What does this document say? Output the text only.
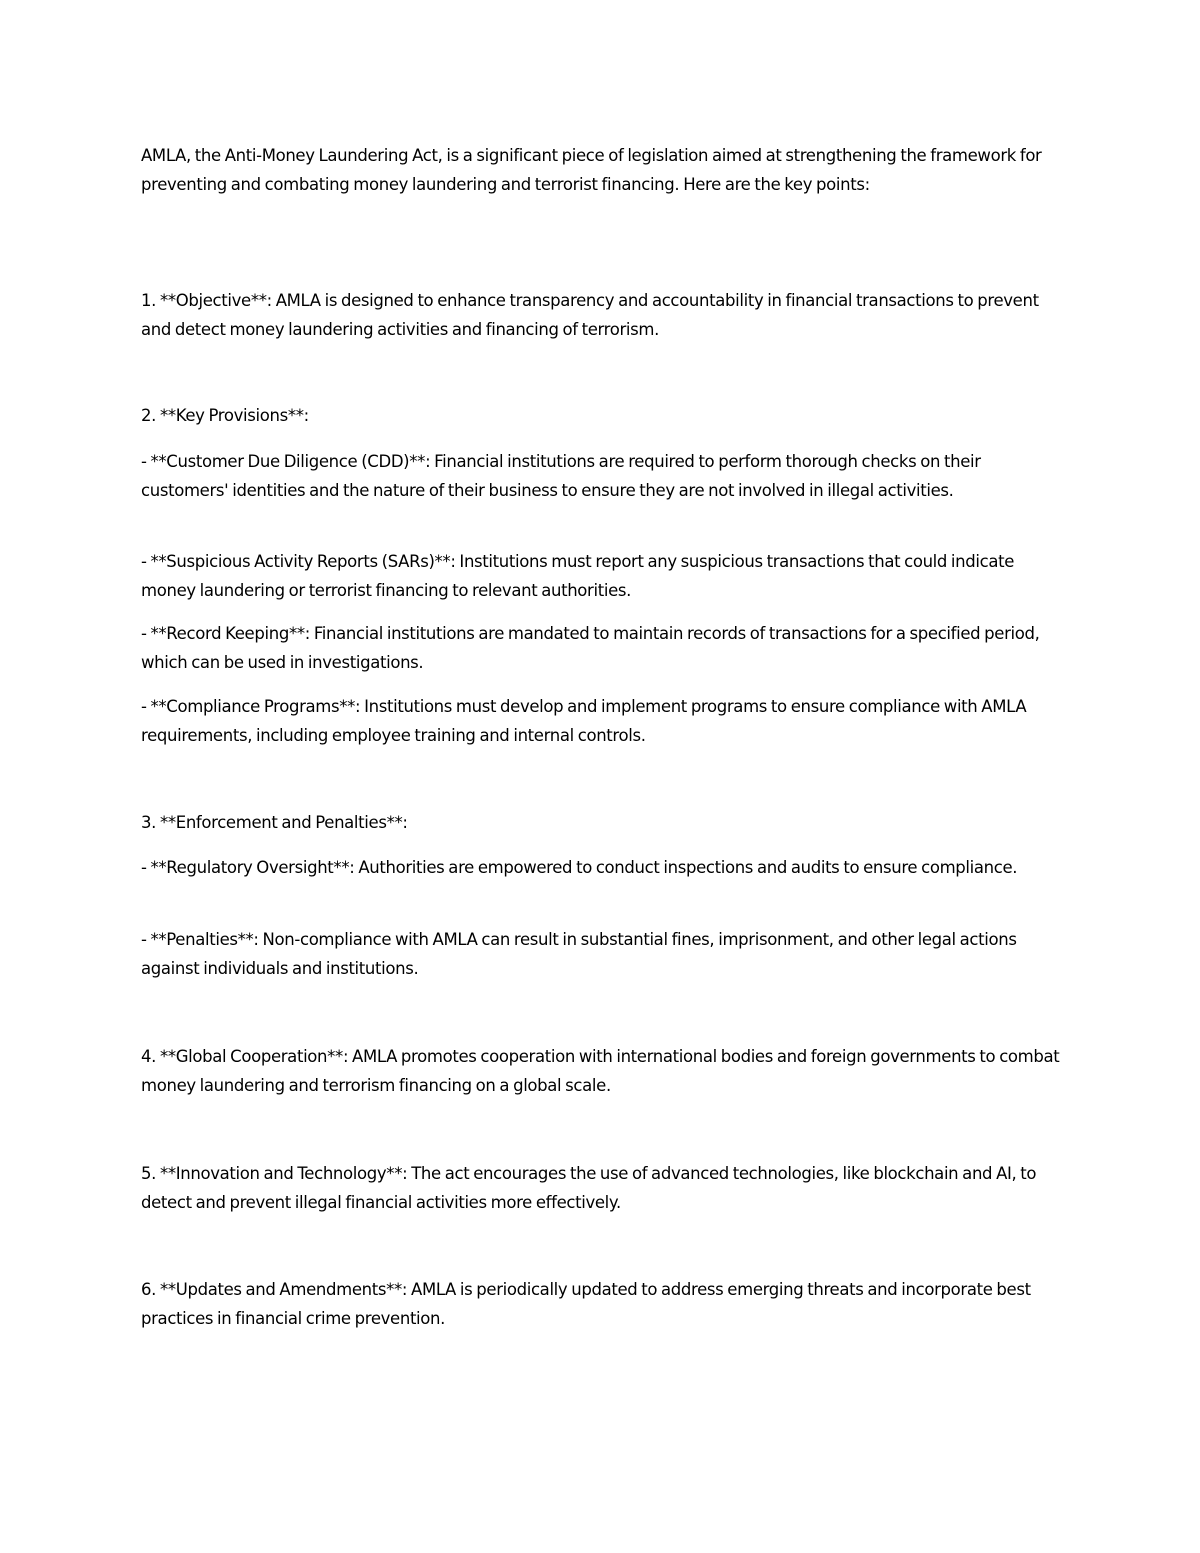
AMLA, the Anti-Money Laundering Act, is a significant piece of legislation aimed at strengthening the framework for preventing and combating money laundering and terrorist financing. Here are the key points:

1. **Objective**: AMLA is designed to enhance transparency and accountability in financial transactions to prevent and detect money laundering activities and financing of terrorism.

2. **Key Provisions**:

- **Customer Due Diligence (CDD)**: Financial institutions are required to perform thorough checks on their customers' identities and the nature of their business to ensure they are not involved in illegal activities.

- **Suspicious Activity Reports (SARs)**: Institutions must report any suspicious transactions that could indicate money laundering or terrorist financing to relevant authorities.

- **Record Keeping**: Financial institutions are mandated to maintain records of transactions for a specified period, which can be used in investigations.

- **Compliance Programs**: Institutions must develop and implement programs to ensure compliance with AMLA requirements, including employee training and internal controls.

3. **Enforcement and Penalties**:

- **Regulatory Oversight**: Authorities are empowered to conduct inspections and audits to ensure compliance.

- **Penalties**: Non-compliance with AMLA can result in substantial fines, imprisonment, and other legal actions against individuals and institutions.

4. **Global Cooperation**: AMLA promotes cooperation with international bodies and foreign governments to combat money laundering and terrorism financing on a global scale.

5. **Innovation and Technology**: The act encourages the use of advanced technologies, like blockchain and AI, to detect and prevent illegal financial activities more effectively.

6. **Updates and Amendments**: AMLA is periodically updated to address emerging threats and incorporate best practices in financial crime prevention.
